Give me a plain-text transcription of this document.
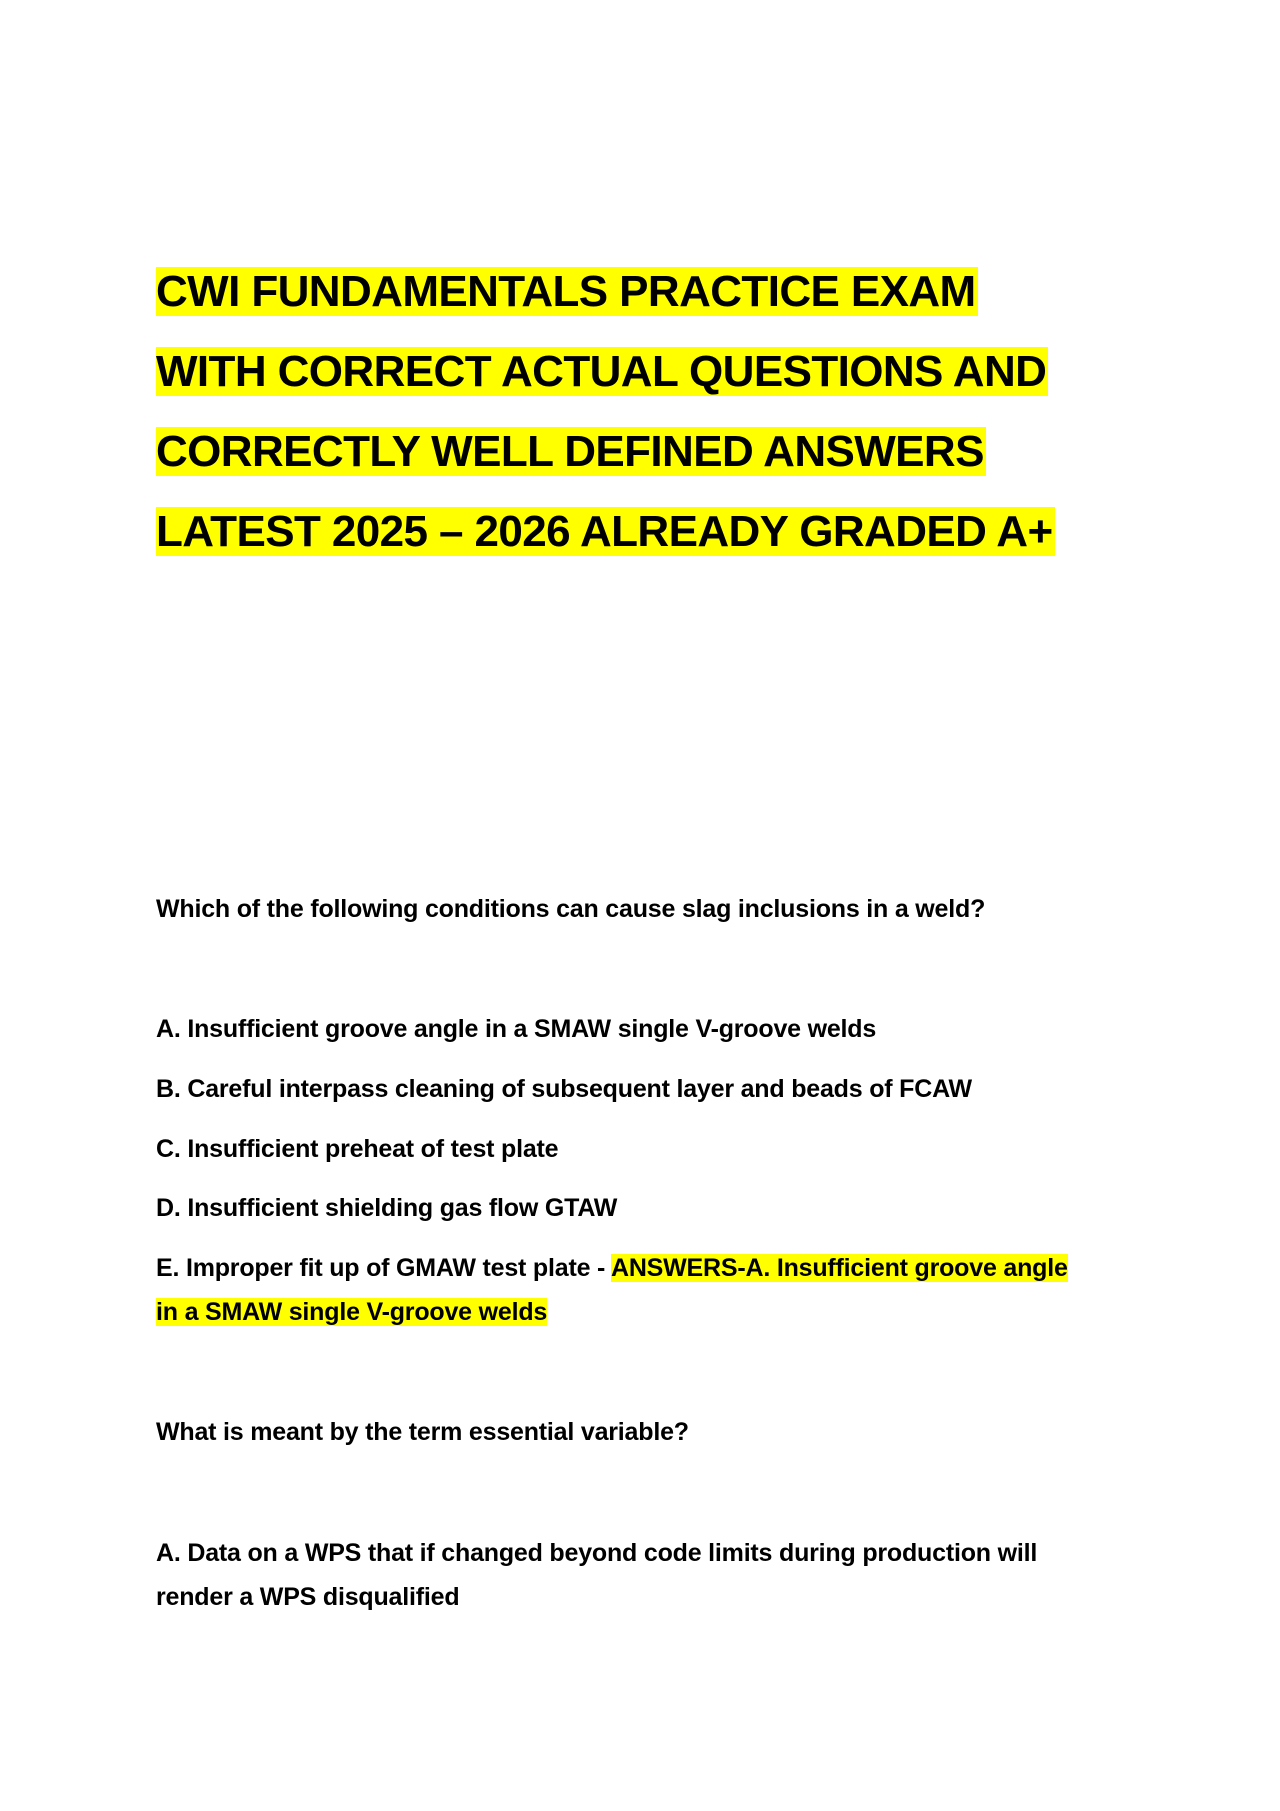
CWI FUNDAMENTALS PRACTICE EXAM
WITH CORRECT ACTUAL QUESTIONS AND
CORRECTLY WELL DEFINED ANSWERS
LATEST 2025 – 2026 ALREADY GRADED A+
Which of the following conditions can cause slag inclusions in a weld?
A. Insufficient groove angle in a SMAW single V-groove welds
B. Careful interpass cleaning of subsequent layer and beads of FCAW
C. Insufficient preheat of test plate
D. Insufficient shielding gas flow GTAW
E. Improper fit up of GMAW test plate - ANSWERS-A. Insufficient groove angle
in a SMAW single V-groove welds
What is meant by the term essential variable?
A. Data on a WPS that if changed beyond code limits during production will
render a WPS disqualified
